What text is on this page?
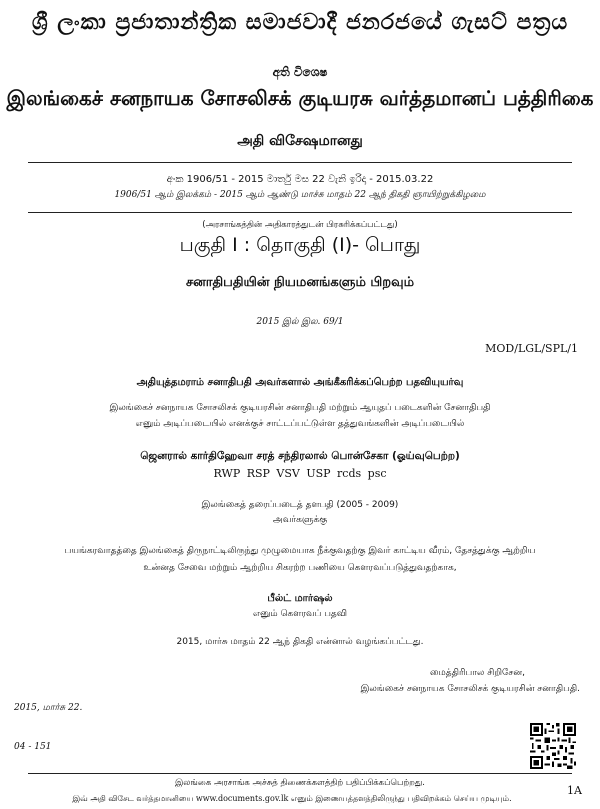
ශ්‍රී ලංකා ප්‍රජාතාන්ත්‍රික සමාජවාදී ජනරජයේ ගැසට් පත්‍රය
අති විශෙෂ
இலங்கைச் சனநாயக சோசலிசக் குடியரசு வர்த்தமானப் பத்திரிகை
அதி விசேஷமானது
අංක 1906/51 - 2015 මාර්තු මස 22 වැනි ඉරිදා - 2015.03.22
1906/51 ஆம் இலக்கம் - 2015 ஆம் ஆண்டு மாச்சு மாதம் 22 ஆந் திகதி ஞாயிற்றுக்கிழமை
(அரசாங்கத்தின் அதிகாரத்துடன் பிரசுரிக்கப்பட்டது)
பகுதி I : தொகுதி (I)- பொது
சனாதிபதியின் நியமனங்களும் பிறவும்
2015 இல் இல. 69/1
MOD/LGL/SPL/1
அதியுத்தமராம் சனாதிபதி அவர்களால் அங்கீகரிக்கப்பெற்ற பதவியுயர்வு
இலங்கைச் சனநாயக சோசலிசக் குடியரசின் சனாதிபதி மற்றும் ஆயுதப் படைகளின் சேனாதிபதி
எனும் அடிப்படையில் எனக்குச் சாட்டப்பட்டுள்ள தத்துவங்களின் அடிப்படையில்
ஜெனரால் கார்திஹேவா சரத் சந்திரலால் பொன்சேகா (ஓய்வுபெற்ற)
RWP RSP VSV USP rcds psc
இலங்கைத் தரைப்படைத் தளபதி (2005 - 2009)
அவர்களுக்கு
பயங்கரவாதத்தை இலங்கைத் திருநாட்டிலிருந்து முழுமையாக நீக்குவதற்கு இவர் காட்டிய வீரம், தேசத்துக்கு ஆற்றிய
உன்னத சேவை மற்றும் ஆற்றிய சிகரற்ற பணியை கௌரவப்படுத்துவதற்காக,
பீல்ட் மார்ஷல்
எனும் கௌரவப் பதவி
2015, மார்சு மாதம் 22 ஆந் திகதி என்னால் வழங்கப்பட்டது.
மைத்திரிபால சிறிசேன,
இலங்கைச் சனநாயக சோசலிசக் குடியரசின் சனாதிபதி.
2015, மார்சு 22.
04 - 151
இலங்கை அரசாங்க அச்சுத் திணைக்களத்திற் பதிப்பிக்கப்பெற்றது.
இவ் அதி விசேட வர்த்தமானியை www.documents.gov.lk எனும் இணையத்தளத்திலிருந்து பதிவிறக்கம் செய்ய முடியும்.
1A
